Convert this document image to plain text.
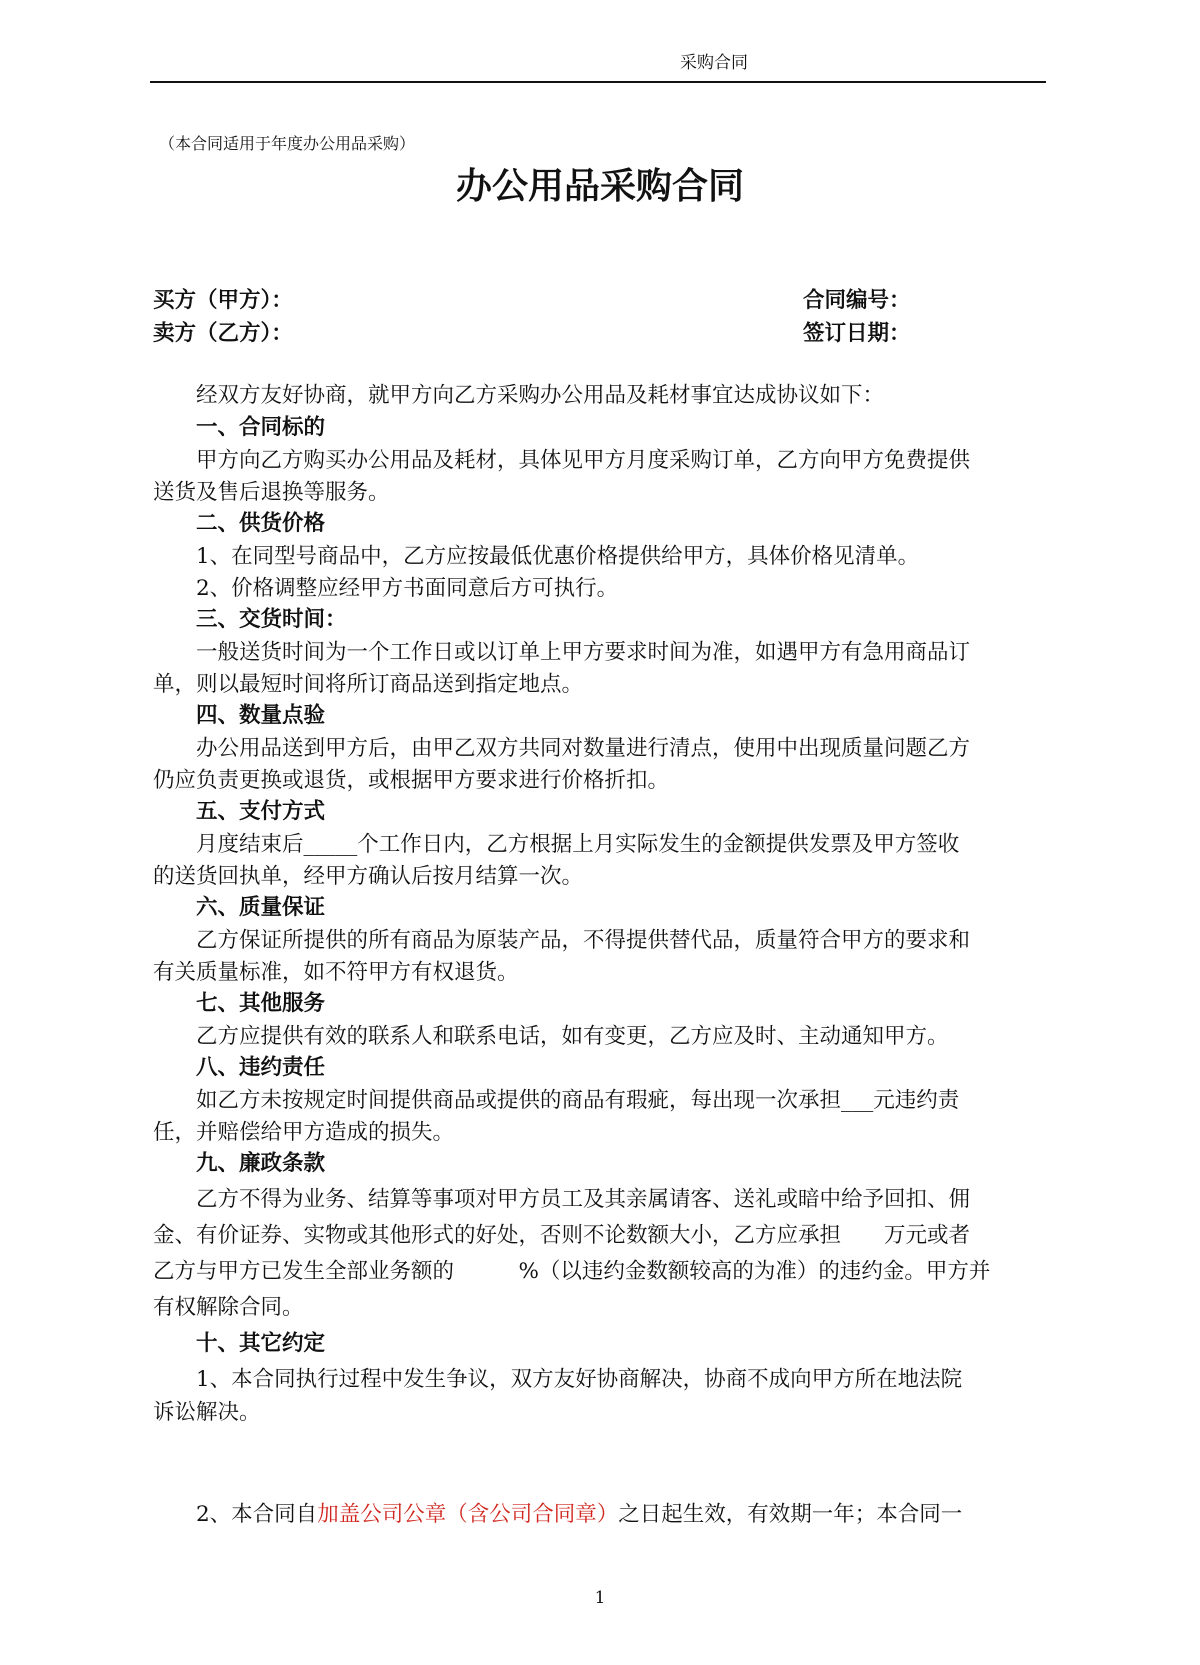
采购合同
（本合同适用于年度办公用品采购）
办公用品采购合同
买方（甲方）：	合同编号：
卖方（乙方）：	签订日期：
经双方友好协商，就甲方向乙方采购办公用品及耗材事宜达成协议如下：
一、合同标的
甲方向乙方购买办公用品及耗材，具体见甲方月度采购订单，乙方向甲方免费提供
送货及售后退换等服务。
二、供货价格
1、在同型号商品中，乙方应按最低优惠价格提供给甲方，具体价格见清单。
2、价格调整应经甲方书面同意后方可执行。
三、交货时间：
一般送货时间为一个工作日或以订单上甲方要求时间为准，如遇甲方有急用商品订
单，则以最短时间将所订商品送到指定地点。
四、数量点验
办公用品送到甲方后，由甲乙双方共同对数量进行清点，使用中出现质量问题乙方
仍应负责更换或退货，或根据甲方要求进行价格折扣。
五、支付方式
月度结束后_____个工作日内，乙方根据上月实际发生的金额提供发票及甲方签收
的送货回执单，经甲方确认后按月结算一次。
六、质量保证
乙方保证所提供的所有商品为原装产品，不得提供替代品，质量符合甲方的要求和
有关质量标准，如不符甲方有权退货。
七、其他服务
乙方应提供有效的联系人和联系电话，如有变更，乙方应及时、主动通知甲方。
八、违约责任
如乙方未按规定时间提供商品或提供的商品有瑕疵，每出现一次承担___元违约责
任，并赔偿给甲方造成的损失。
九、廉政条款
乙方不得为业务、结算等事项对甲方员工及其亲属请客、送礼或暗中给予回扣、佣
金、有价证券、实物或其他形式的好处，否则不论数额大小，乙方应承担　　万元或者
乙方与甲方已发生全部业务额的　　　%（以违约金数额较高的为准）的违约金。甲方并
有权解除合同。
十、其它约定
1、本合同执行过程中发生争议，双方友好协商解决，协商不成向甲方所在地法院
诉讼解决。
2、本合同自加盖公司公章（含公司合同章）之日起生效，有效期一年；本合同一
1
